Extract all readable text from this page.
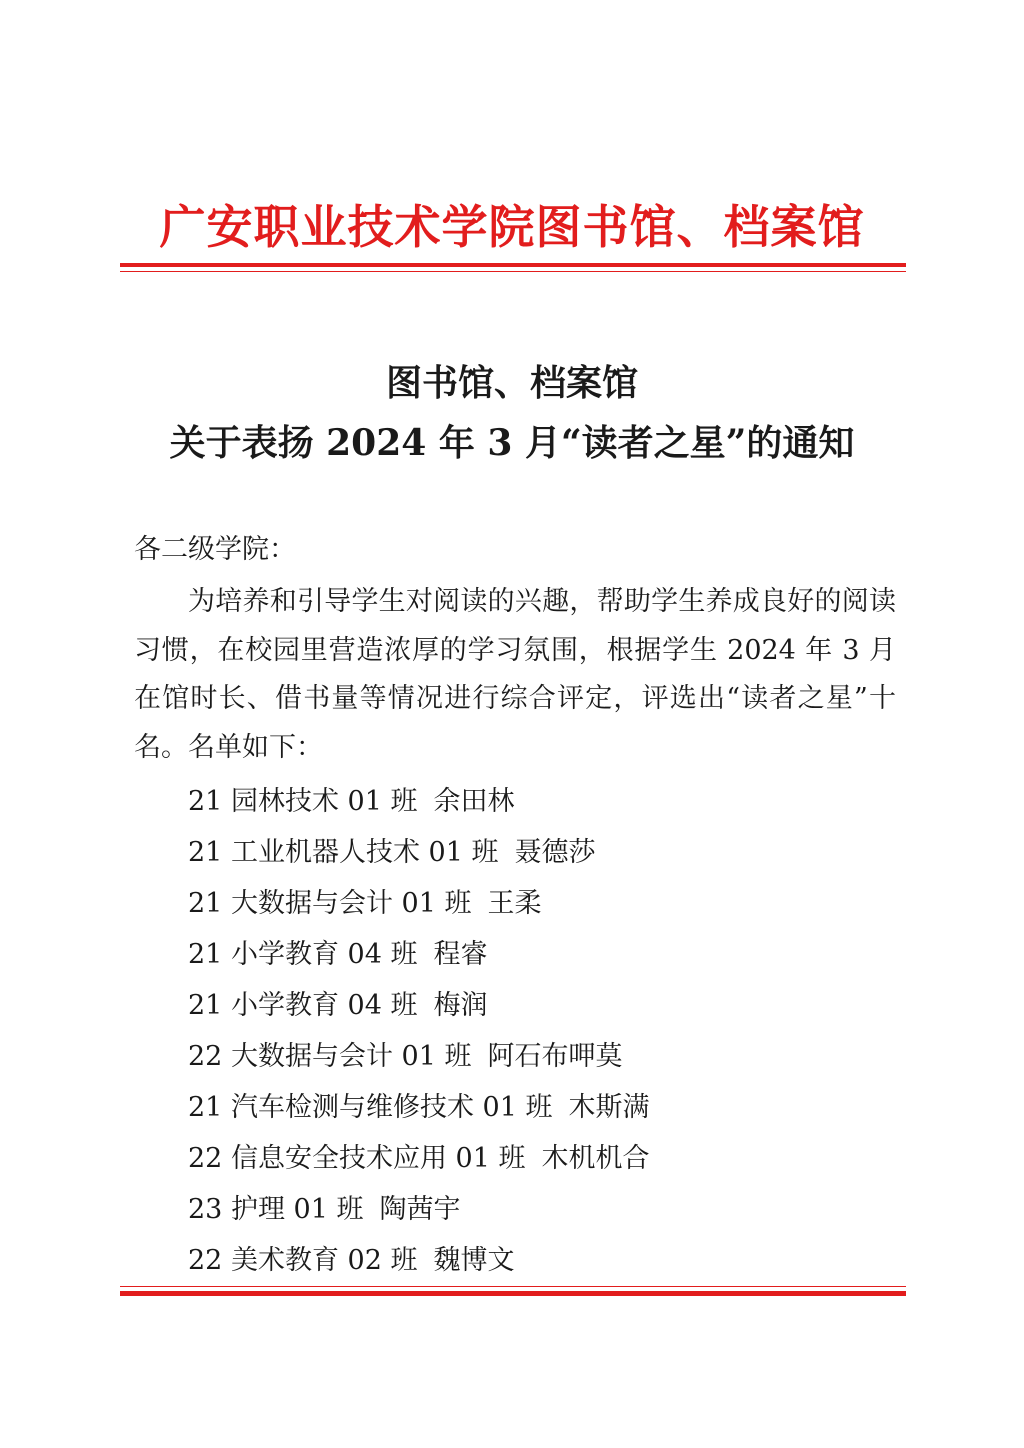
广安职业技术学院图书馆、档案馆
图书馆、档案馆
关于表扬 2024 年 3 月“读者之星”的通知
各二级学院：
为培养和引导学生对阅读的兴趣，帮助学生养成良好的阅读习惯，在校园里营造浓厚的学习氛围，根据学生 2024 年 3 月在馆时长、借书量等情况进行综合评定，评选出“读者之星”十名。名单如下：
21 园林技术 01 班 余田林
21 工业机器人技术 01 班 聂德莎
21 大数据与会计 01 班 王柔
21 小学教育 04 班 程睿
21 小学教育 04 班 梅润
22 大数据与会计 01 班 阿石布呷莫
21 汽车检测与维修技术 01 班 木斯满
22 信息安全技术应用 01 班 木机机合
23 护理 01 班 陶茜宇
22 美术教育 02 班 魏博文
